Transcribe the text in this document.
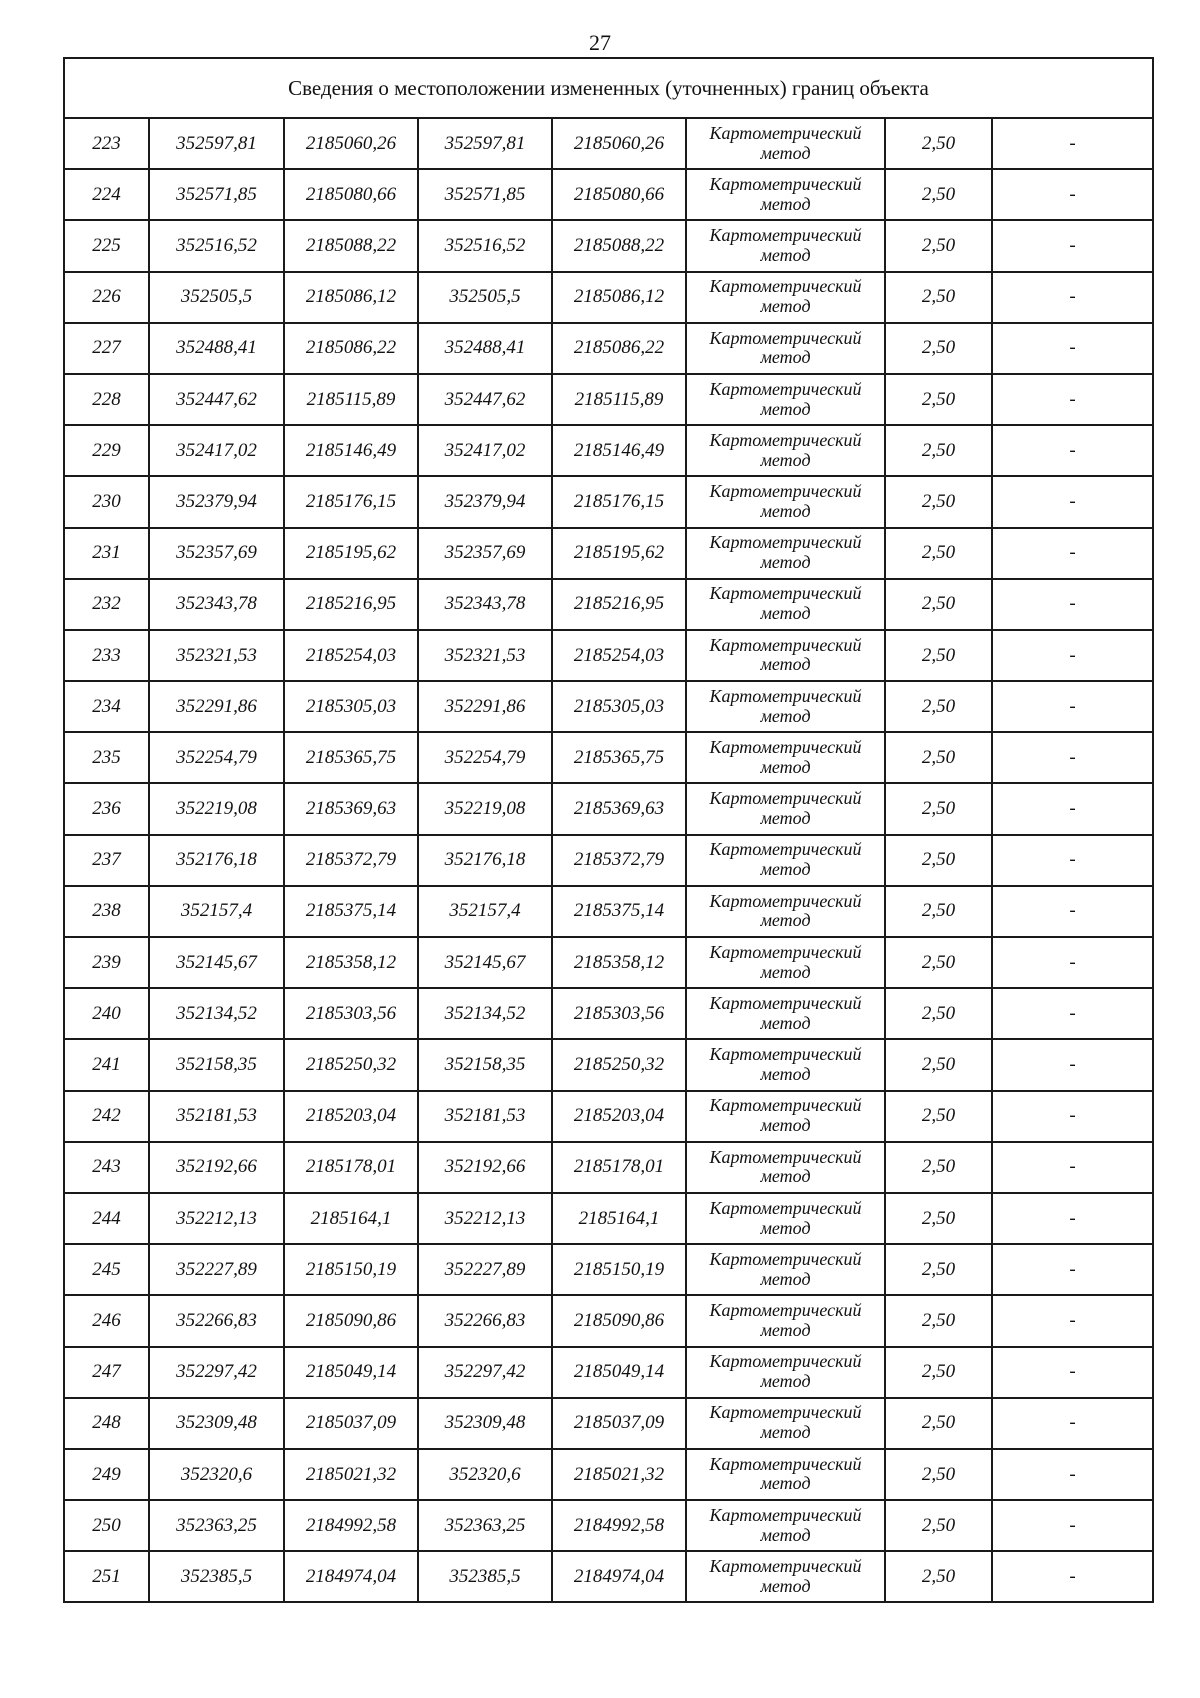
27
Сведения о местоположении измененных (уточненных) границ объекта							
223	352597,81	2185060,26	352597,81	2185060,26	Картометрический метод	2,50	-
224	352571,85	2185080,66	352571,85	2185080,66	Картометрический метод	2,50	-
225	352516,52	2185088,22	352516,52	2185088,22	Картометрический метод	2,50	-
226	352505,5	2185086,12	352505,5	2185086,12	Картометрический метод	2,50	-
227	352488,41	2185086,22	352488,41	2185086,22	Картометрический метод	2,50	-
228	352447,62	2185115,89	352447,62	2185115,89	Картометрический метод	2,50	-
229	352417,02	2185146,49	352417,02	2185146,49	Картометрический метод	2,50	-
230	352379,94	2185176,15	352379,94	2185176,15	Картометрический метод	2,50	-
231	352357,69	2185195,62	352357,69	2185195,62	Картометрический метод	2,50	-
232	352343,78	2185216,95	352343,78	2185216,95	Картометрический метод	2,50	-
233	352321,53	2185254,03	352321,53	2185254,03	Картометрический метод	2,50	-
234	352291,86	2185305,03	352291,86	2185305,03	Картометрический метод	2,50	-
235	352254,79	2185365,75	352254,79	2185365,75	Картометрический метод	2,50	-
236	352219,08	2185369,63	352219,08	2185369,63	Картометрический метод	2,50	-
237	352176,18	2185372,79	352176,18	2185372,79	Картометрический метод	2,50	-
238	352157,4	2185375,14	352157,4	2185375,14	Картометрический метод	2,50	-
239	352145,67	2185358,12	352145,67	2185358,12	Картометрический метод	2,50	-
240	352134,52	2185303,56	352134,52	2185303,56	Картометрический метод	2,50	-
241	352158,35	2185250,32	352158,35	2185250,32	Картометрический метод	2,50	-
242	352181,53	2185203,04	352181,53	2185203,04	Картометрический метод	2,50	-
243	352192,66	2185178,01	352192,66	2185178,01	Картометрический метод	2,50	-
244	352212,13	2185164,1	352212,13	2185164,1	Картометрический метод	2,50	-
245	352227,89	2185150,19	352227,89	2185150,19	Картометрический метод	2,50	-
246	352266,83	2185090,86	352266,83	2185090,86	Картометрический метод	2,50	-
247	352297,42	2185049,14	352297,42	2185049,14	Картометрический метод	2,50	-
248	352309,48	2185037,09	352309,48	2185037,09	Картометрический метод	2,50	-
249	352320,6	2185021,32	352320,6	2185021,32	Картометрический метод	2,50	-
250	352363,25	2184992,58	352363,25	2184992,58	Картометрический метод	2,50	-
251	352385,5	2184974,04	352385,5	2184974,04	Картометрический метод	2,50	-
